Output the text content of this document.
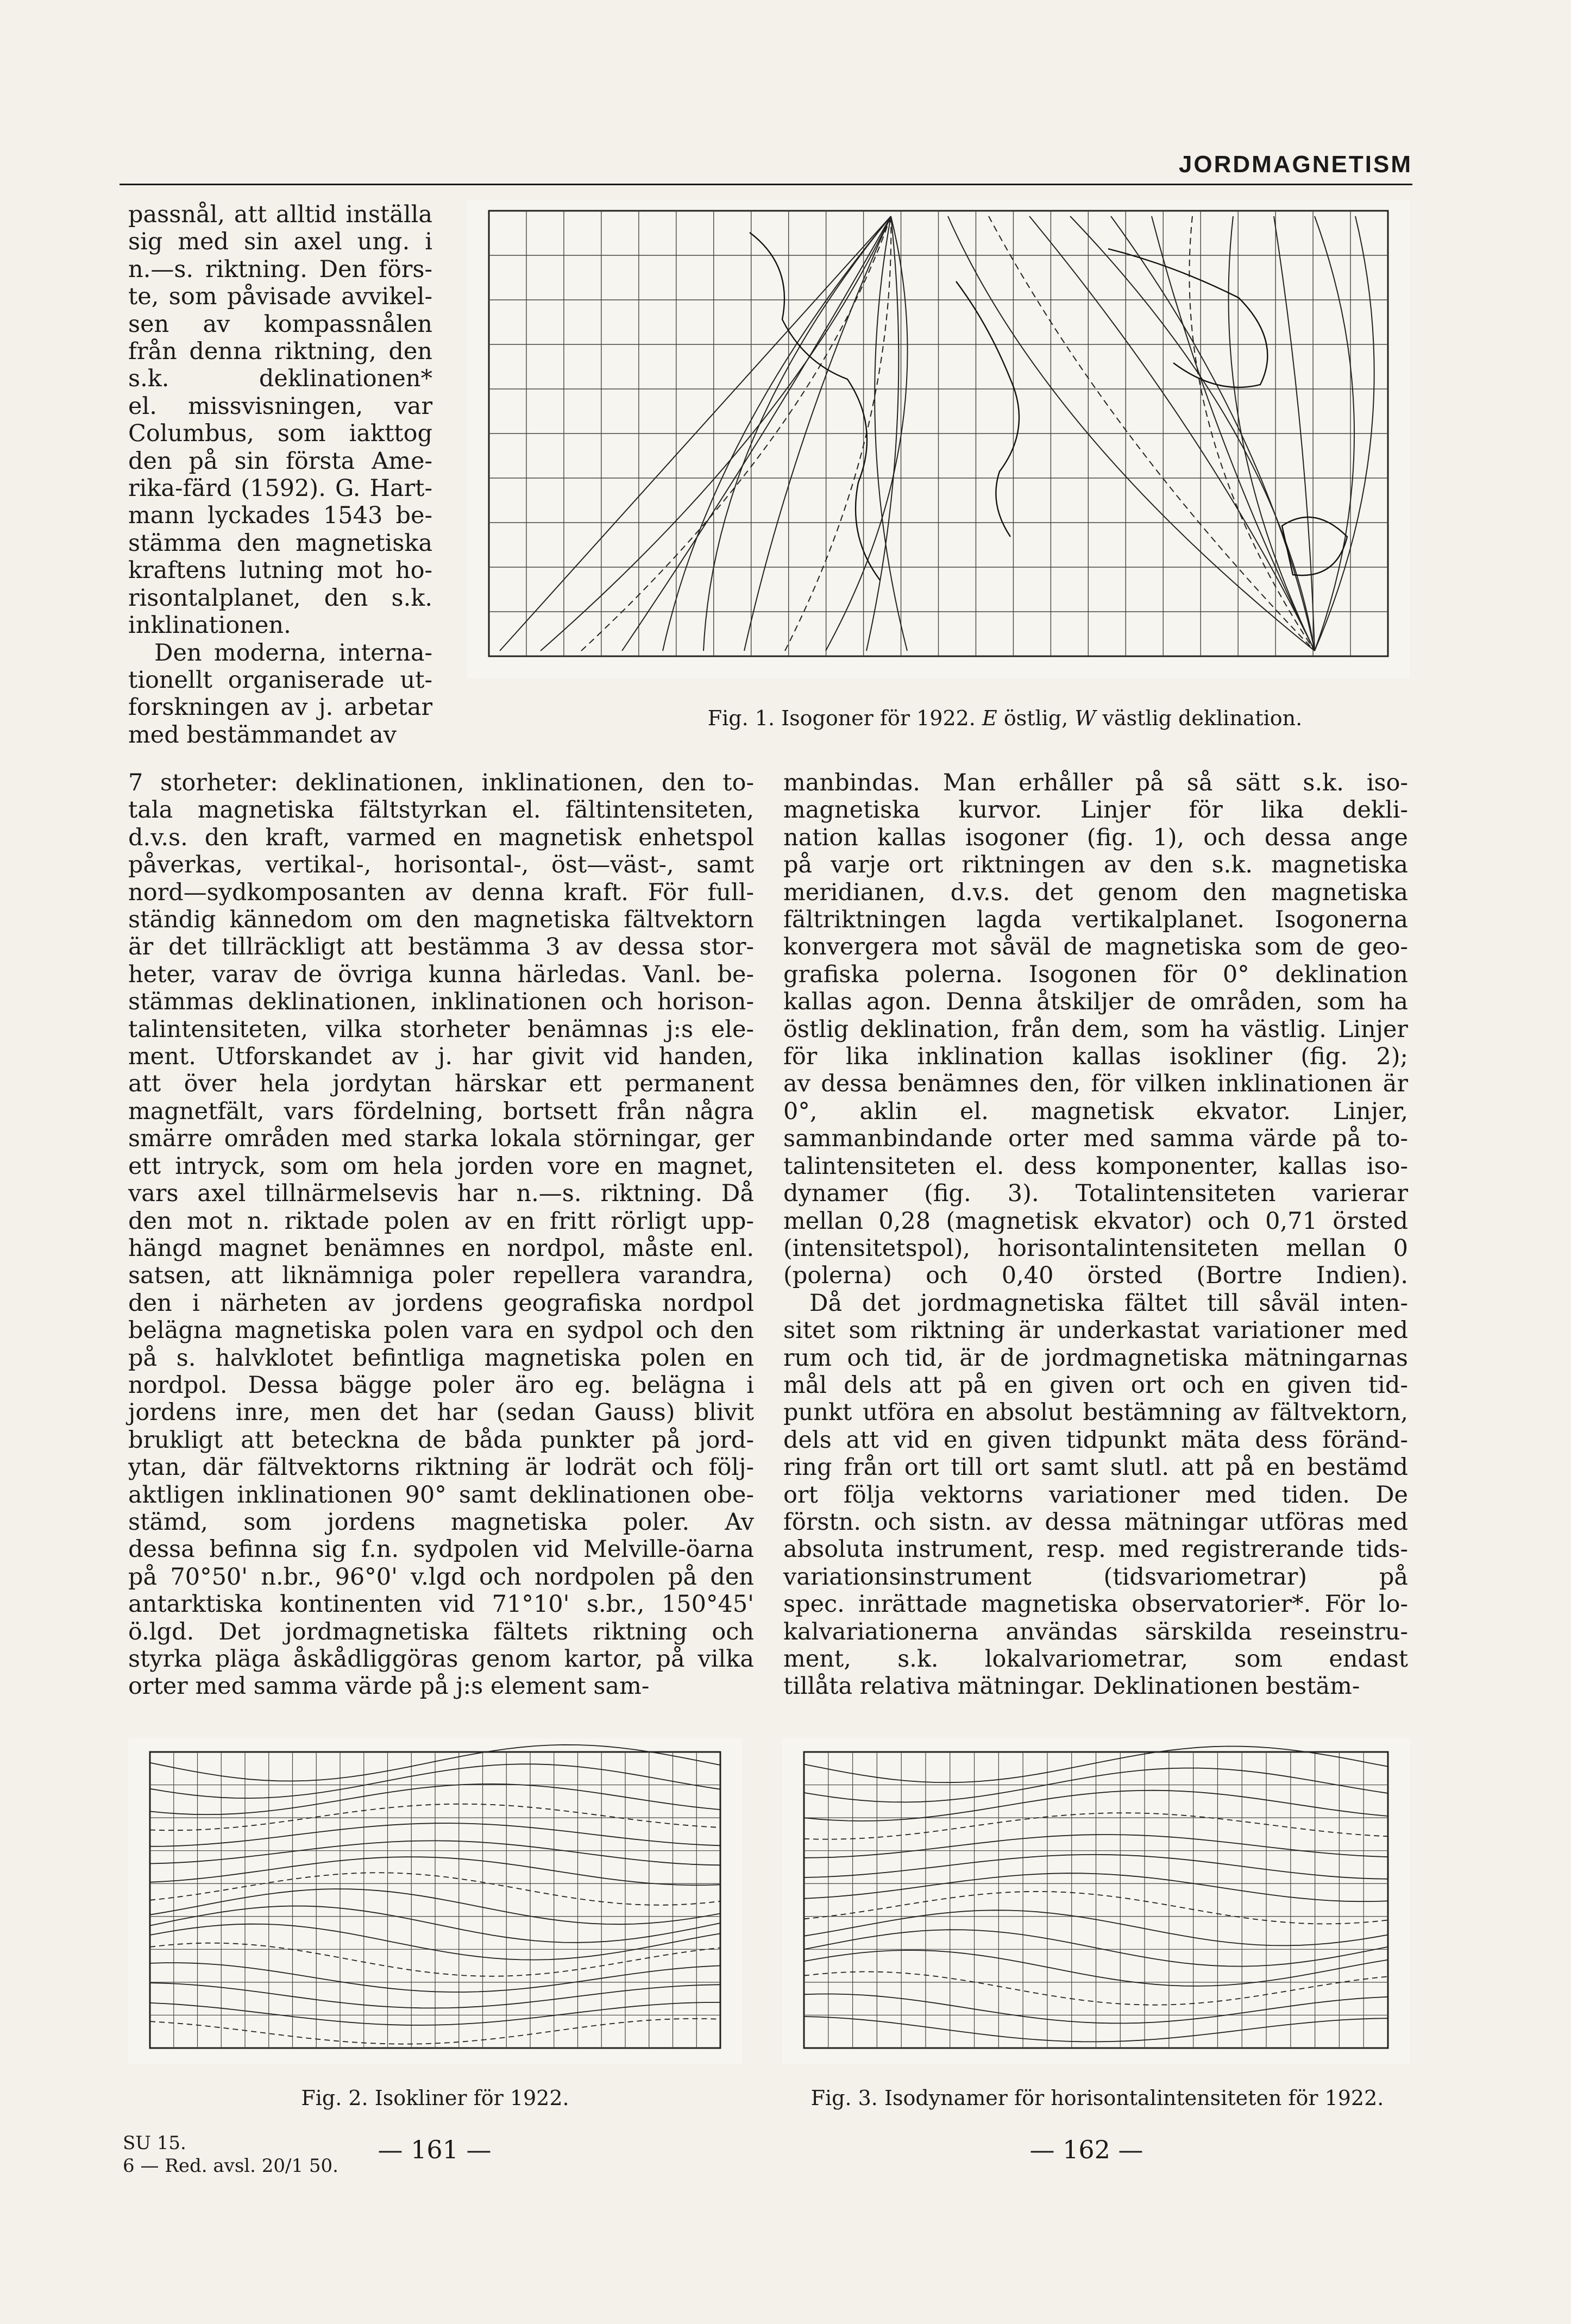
JORDMAGNETISM
passnål, att alltid inställa
sig med sin axel ung. i
n.—s. riktning. Den förs-
te, som påvisade avvikel-
sen av kompassnålen
från denna riktning, den
s.k. deklinationen*
el. missvisningen, var
Columbus, som iakttog
den på sin första Ame-
rika-färd (1592). G. Hart-
mann lyckades 1543 be-
stämma den magnetiska
kraftens lutning mot ho-
risontalplanet, den s.k.
inklinationen.
Den moderna, interna-
tionellt organiserade ut-
forskningen av j. arbetar
med bestämmandet av
Fig. 1. Isogoner för 1922. E östlig, W västlig deklination.
7 storheter: deklinationen, inklinationen, den to-
tala magnetiska fältstyrkan el. fältintensiteten,
d.v.s. den kraft, varmed en magnetisk enhetspol
påverkas, vertikal-, horisontal-, öst—väst-, samt
nord—sydkomposanten av denna kraft. För full-
ständig kännedom om den magnetiska fältvektorn
är det tillräckligt att bestämma 3 av dessa stor-
heter, varav de övriga kunna härledas. Vanl. be-
stämmas deklinationen, inklinationen och horison-
talintensiteten, vilka storheter benämnas j:s ele-
ment. Utforskandet av j. har givit vid handen,
att över hela jordytan härskar ett permanent
magnetfält, vars fördelning, bortsett från några
smärre områden med starka lokala störningar, ger
ett intryck, som om hela jorden vore en magnet,
vars axel tillnärmelsevis har n.—s. riktning. Då
den mot n. riktade polen av en fritt rörligt upp-
hängd magnet benämnes en nordpol, måste enl.
satsen, att liknämniga poler repellera varandra,
den i närheten av jordens geografiska nordpol
belägna magnetiska polen vara en sydpol och den
på s. halvklotet befintliga magnetiska polen en
nordpol. Dessa bägge poler äro eg. belägna i
jordens inre, men det har (sedan Gauss) blivit
brukligt att beteckna de båda punkter på jord-
ytan, där fältvektorns riktning är lodrät och följ-
aktligen inklinationen 90° samt deklinationen obe-
stämd, som jordens magnetiska poler. Av
dessa befinna sig f.n. sydpolen vid Melville-öarna
på 70°50' n.br., 96°0' v.lgd och nordpolen på den
antarktiska kontinenten vid 71°10' s.br., 150°45'
ö.lgd. Det jordmagnetiska fältets riktning och
styrka pläga åskådliggöras genom kartor, på vilka
orter med samma värde på j:s element sam-
manbindas. Man erhåller på så sätt s.k. iso-
magnetiska kurvor. Linjer för lika dekli-
nation kallas isogoner (fig. 1), och dessa ange
på varje ort riktningen av den s.k. magnetiska
meridianen, d.v.s. det genom den magnetiska
fältriktningen lagda vertikalplanet. Isogonerna
konvergera mot såväl de magnetiska som de geo-
grafiska polerna. Isogonen för 0° deklination
kallas agon. Denna åtskiljer de områden, som ha
östlig deklination, från dem, som ha västlig. Linjer
för lika inklination kallas isokliner (fig. 2);
av dessa benämnes den, för vilken inklinationen är
0°, aklin el. magnetisk ekvator. Linjer,
sammanbindande orter med samma värde på to-
talintensiteten el. dess komponenter, kallas iso-
dynamer (fig. 3). Totalintensiteten varierar
mellan 0,28 (magnetisk ekvator) och 0,71 örsted
(intensitetspol), horisontalintensiteten mellan 0
(polerna) och 0,40 örsted (Bortre Indien).
Då det jordmagnetiska fältet till såväl inten-
sitet som riktning är underkastat variationer med
rum och tid, är de jordmagnetiska mätningarnas
mål dels att på en given ort och en given tid-
punkt utföra en absolut bestämning av fältvektorn,
dels att vid en given tidpunkt mäta dess föränd-
ring från ort till ort samt slutl. att på en bestämd
ort följa vektorns variationer med tiden. De
förstn. och sistn. av dessa mätningar utföras med
absoluta instrument, resp. med registrerande tids-
variationsinstrument (tidsvariometrar) på
spec. inrättade magnetiska observatorier*. För lo-
kalvariationerna användas särskilda reseinstru-
ment, s.k. lokalvariometrar, som endast
tillåta relativa mätningar. Deklinationen bestäm-
Fig. 2. Isokliner för 1922.	Fig. 3. Isodynamer för horisontalintensiteten för 1922.
SU 15.
6 — Red. avsl. 20/1 50.
— 161 —	— 162 —
